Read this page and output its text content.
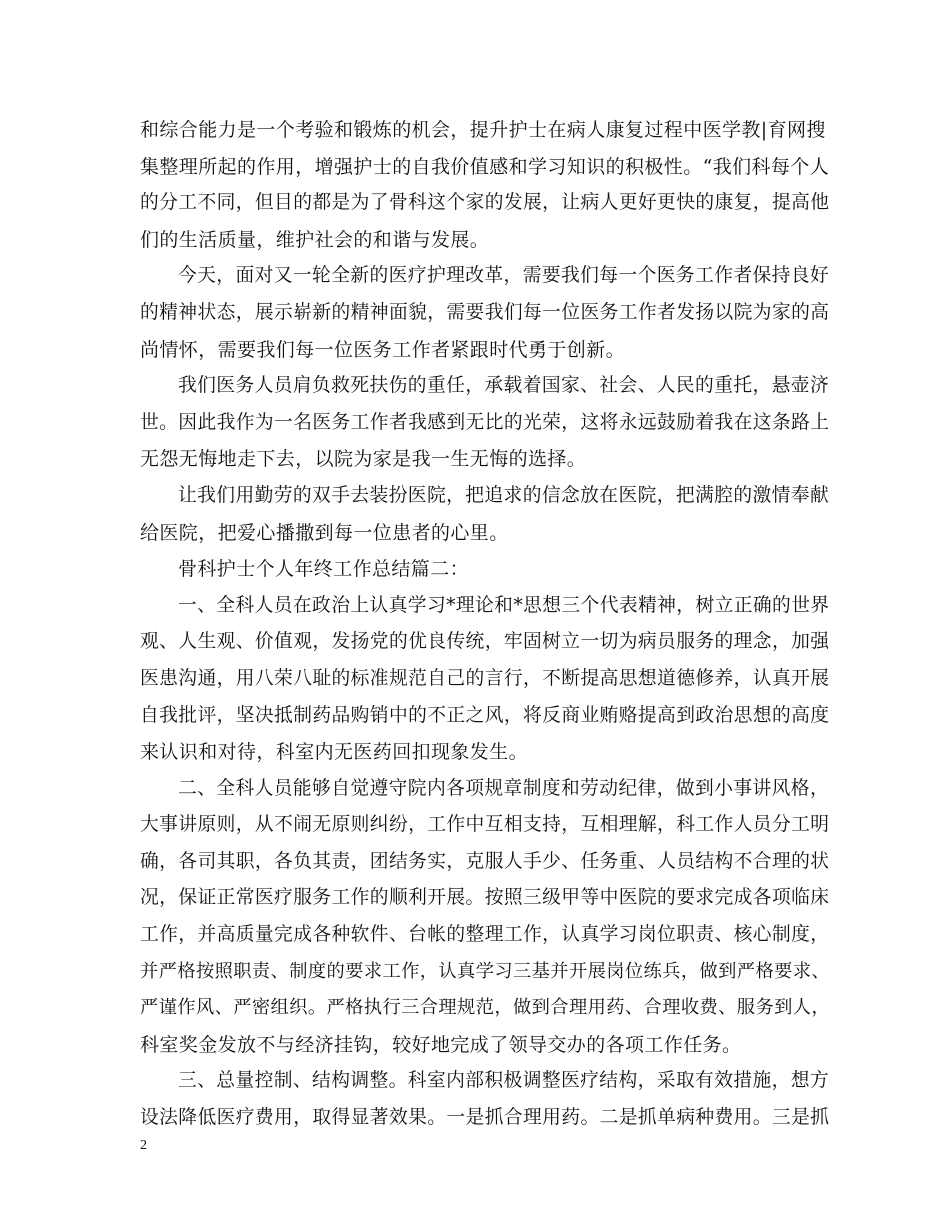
和综合能力是一个考验和锻炼的机会，提升护士在病人康复过程中医学教|育网搜
集整理所起的作用，增强护士的自我价值感和学习知识的积极性。“我们科每个人
的分工不同，但目的都是为了骨科这个家的发展，让病人更好更快的康复，提高他
们的生活质量，维护社会的和谐与发展。
今天，面对又一轮全新的医疗护理改革，需要我们每一个医务工作者保持良好
的精神状态，展示崭新的精神面貌，需要我们每一位医务工作者发扬以院为家的高
尚情怀，需要我们每一位医务工作者紧跟时代勇于创新。
我们医务人员肩负救死扶伤的重任，承载着国家、社会、人民的重托，悬壶济
世。因此我作为一名医务工作者我感到无比的光荣，这将永远鼓励着我在这条路上
无怨无悔地走下去，以院为家是我一生无悔的选择。
让我们用勤劳的双手去装扮医院，把追求的信念放在医院，把满腔的激情奉献
给医院，把爱心播撒到每一位患者的心里。
骨科护士个人年终工作总结篇二：
一、全科人员在政治上认真学习*理论和*思想三个代表精神，树立正确的世界
观、人生观、价值观，发扬党的优良传统，牢固树立一切为病员服务的理念，加强
医患沟通，用八荣八耻的标准规范自己的言行，不断提高思想道德修养，认真开展
自我批评，坚决抵制药品购销中的不正之风，将反商业贿赂提高到政治思想的高度
来认识和对待，科室内无医药回扣现象发生。
二、全科人员能够自觉遵守院内各项规章制度和劳动纪律，做到小事讲风格，
大事讲原则，从不闹无原则纠纷，工作中互相支持，互相理解，科工作人员分工明
确，各司其职，各负其责，团结务实，克服人手少、任务重、人员结构不合理的状
况，保证正常医疗服务工作的顺利开展。按照三级甲等中医院的要求完成各项临床
工作，并高质量完成各种软件、台帐的整理工作，认真学习岗位职责、核心制度，
并严格按照职责、制度的要求工作，认真学习三基并开展岗位练兵，做到严格要求、
严谨作风、严密组织。严格执行三合理规范，做到合理用药、合理收费、服务到人，
科室奖金发放不与经济挂钩，较好地完成了领导交办的各项工作任务。
三、总量控制、结构调整。科室内部积极调整医疗结构，采取有效措施，想方
设法降低医疗费用，取得显著效果。一是抓合理用药。二是抓单病种费用。三是抓
2
